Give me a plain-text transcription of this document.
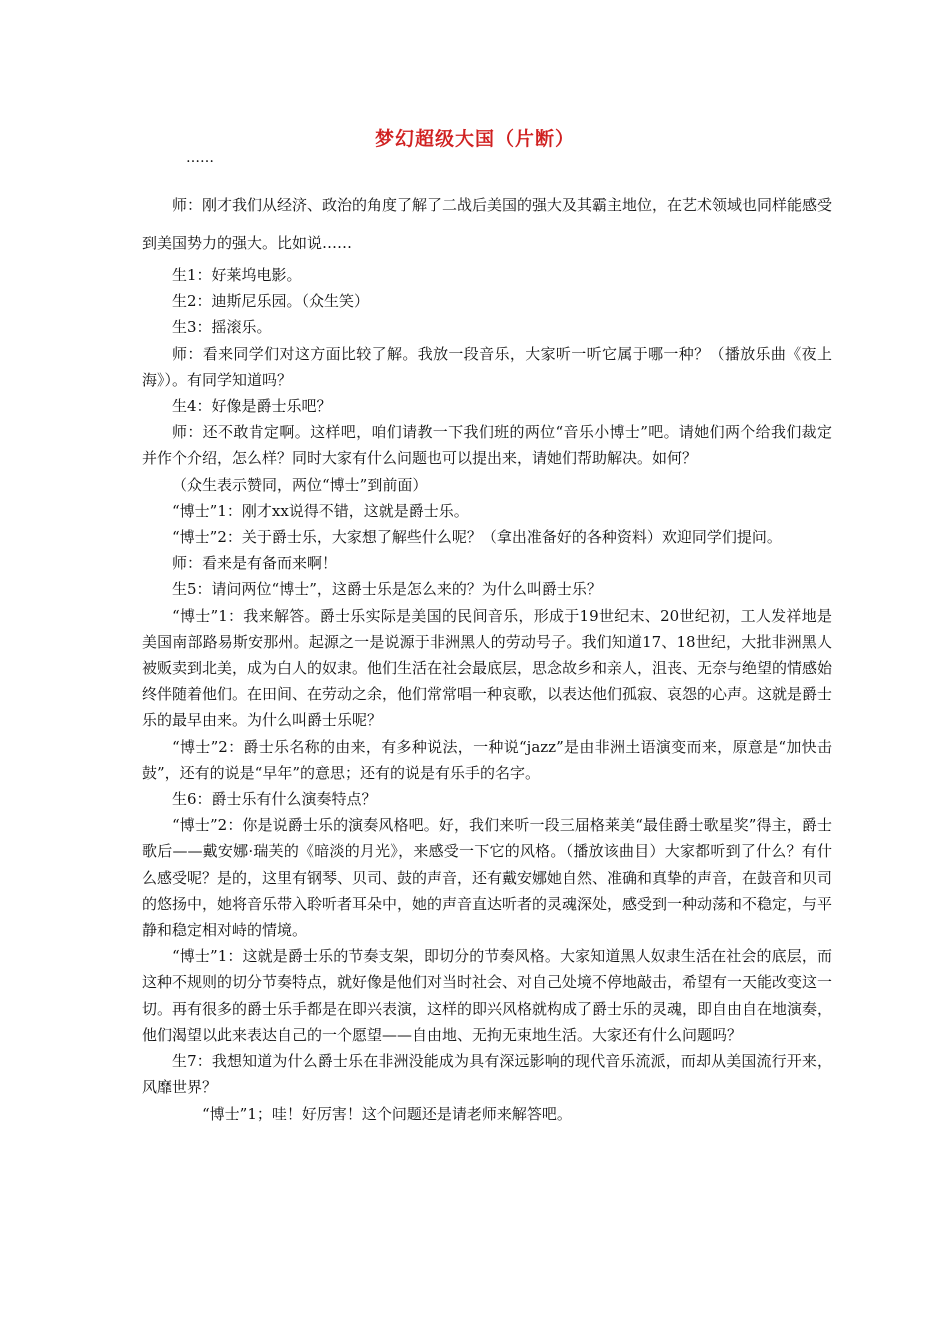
梦幻超级大国（片断）
……

师：刚才我们从经济、政治的角度了解了二战后美国的强大及其霸主地位，在艺术领域也同样能感受到美国势力的强大。比如说……

生1：好莱坞电影。

生2：迪斯尼乐园。（众生笑）

生3：摇滚乐。

师：看来同学们对这方面比较了解。我放一段音乐，大家听一听它属于哪一种？（播放乐曲《夜上海》）。有同学知道吗？

生4：好像是爵士乐吧？

师：还不敢肯定啊。这样吧，咱们请教一下我们班的两位“音乐小博士”吧。请她们两个给我们裁定并作个介绍，怎么样？同时大家有什么问题也可以提出来，请她们帮助解决。如何？

（众生表示赞同，两位“博士”到前面）

“博士”1：刚才xx说得不错，这就是爵士乐。

“博士”2：关于爵士乐，大家想了解些什么呢？（拿出准备好的各种资料）欢迎同学们提问。

师：看来是有备而来啊！

生5：请问两位“博士”，这爵士乐是怎么来的？为什么叫爵士乐？

“博士”1：我来解答。爵士乐实际是美国的民间音乐，形成于19世纪末、20世纪初，工人发祥地是美国南部路易斯安那州。起源之一是说源于非洲黑人的劳动号子。我们知道17、18世纪，大批非洲黑人被贩卖到北美，成为白人的奴隶。他们生活在社会最底层，思念故乡和亲人，沮丧、无奈与绝望的情感始终伴随着他们。在田间、在劳动之余，他们常常唱一种哀歌，以表达他们孤寂、哀怨的心声。这就是爵士乐的最早由来。为什么叫爵士乐呢？

“博士”2：爵士乐名称的由来，有多种说法，一种说“jazz”是由非洲土语演变而来，原意是“加快击鼓”，还有的说是“早年”的意思；还有的说是有乐手的名字。

生6：爵士乐有什么演奏特点？

“博士”2：你是说爵士乐的演奏风格吧。好，我们来听一段三届格莱美“最佳爵士歌星奖”得主，爵士歌后——戴安娜·瑞芙的《暗淡的月光》，来感受一下它的风格。（播放该曲目）大家都听到了什么？有什么感受呢？是的，这里有钢琴、贝司、鼓的声音，还有戴安娜她自然、准确和真挚的声音，在鼓音和贝司的悠扬中，她将音乐带入聆听者耳朵中，她的声音直达听者的灵魂深处，感受到一种动荡和不稳定，与平静和稳定相对峙的情境。

“博士”1：这就是爵士乐的节奏支架，即切分的节奏风格。大家知道黑人奴隶生活在社会的底层，而这种不规则的切分节奏特点，就好像是他们对当时社会、对自己处境不停地敲击，希望有一天能改变这一切。再有很多的爵士乐手都是在即兴表演，这样的即兴风格就构成了爵士乐的灵魂，即自由自在地演奏，他们渴望以此来表达自己的一个愿望——自由地、无拘无束地生活。大家还有什么问题吗？

生7：我想知道为什么爵士乐在非洲没能成为具有深远影响的现代音乐流派，而却从美国流行开来，风靡世界？

“博士”1；哇！好厉害！这个问题还是请老师来解答吧。
